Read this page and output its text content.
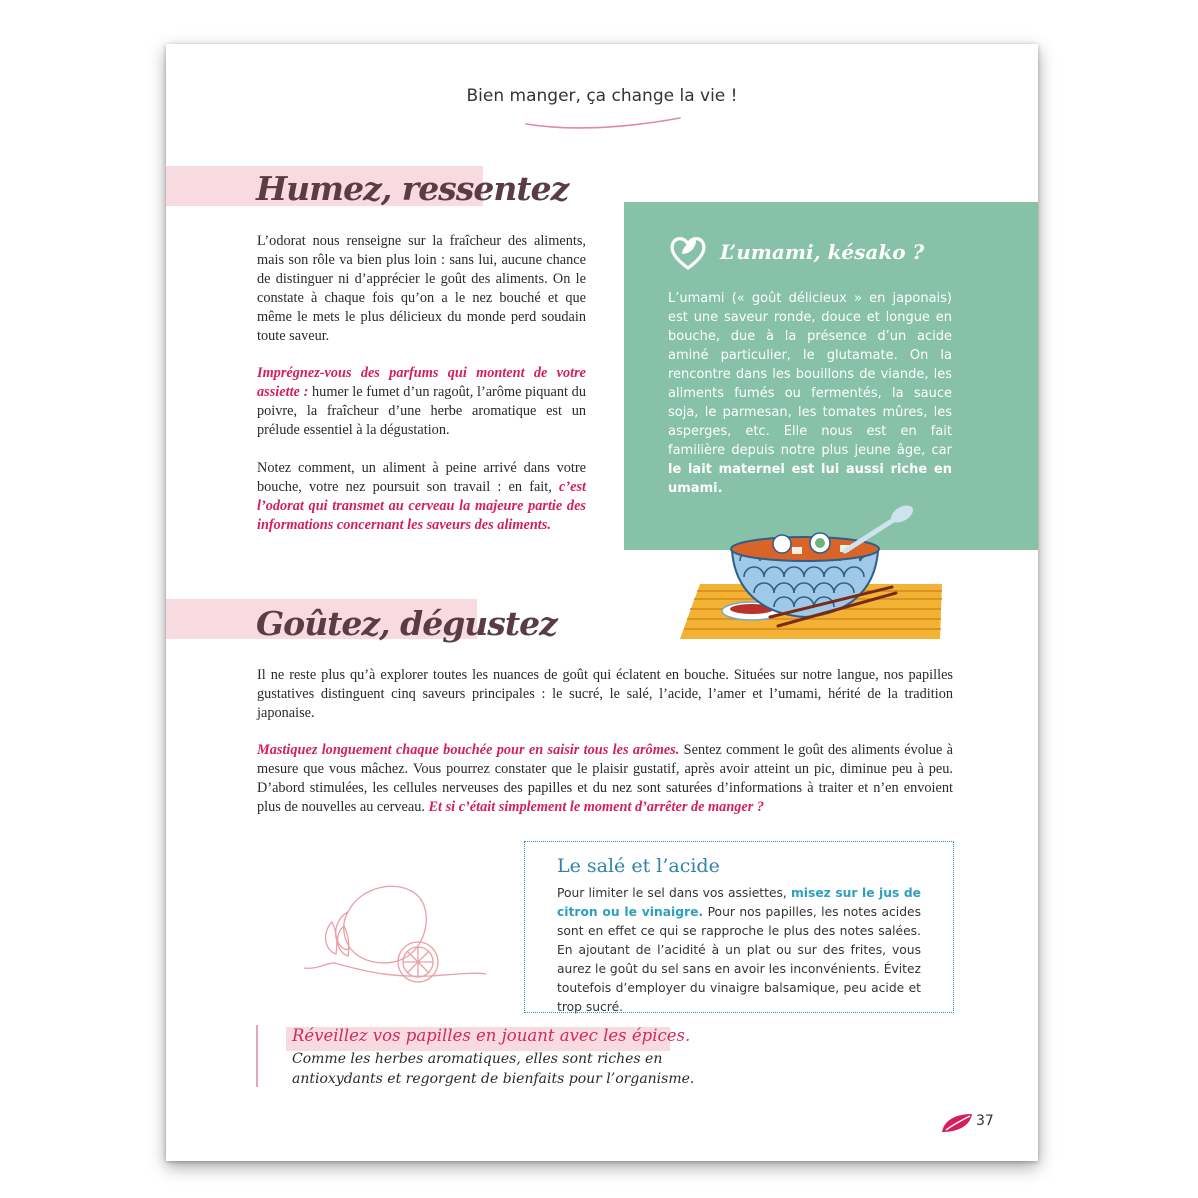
Bien manger, ça change la vie !
Humez, ressentez

L’odorat nous renseigne sur la fraîcheur des aliments, mais son rôle va bien plus loin : sans lui, aucune chance de distinguer ni d’apprécier le goût des aliments. On le constate à chaque fois qu’on a le nez bouché et que même le mets le plus délicieux du monde perd soudain toute saveur.

Imprégnez-vous des parfums qui montent de votre assiette : humer le fumet d’un ragoût, l’arôme piquant du poivre, la fraîcheur d’une herbe aromatique est un prélude essentiel à la dégustation.

Notez comment, un aliment à peine arrivé dans votre bouche, votre nez poursuit son travail : en fait, c’est l’odorat qui transmet au cerveau la majeure partie des informations concernant les saveurs des aliments.

L’umami, késako ?

L’umami (« goût délicieux » en japonais) est une saveur ronde, douce et longue en bouche, due à la présence d’un acide aminé particulier, le glutamate. On la rencontre dans les bouillons de viande, les aliments fumés ou fermentés, la sauce soja, le parmesan, les tomates mûres, les asperges, etc. Elle nous est en fait familière depuis notre plus jeune âge, car le lait maternel est lui aussi riche en umami.

Goûtez, dégustez

Il ne reste plus qu’à explorer toutes les nuances de goût qui éclatent en bouche. Situées sur notre langue, nos papilles gustatives distinguent cinq saveurs principales : le sucré, le salé, l’acide, l’amer et l’umami, hérité de la tradition japonaise.

Mastiquez longuement chaque bouchée pour en saisir tous les arômes. Sentez comment le goût des aliments évolue à mesure que vous mâchez. Vous pourrez constater que le plaisir gustatif, après avoir atteint un pic, diminue peu à peu. D’abord stimulées, les cellules nerveuses des papilles et du nez sont saturées d’informations à traiter et n’en envoient plus de nouvelles au cerveau. Et si c’était simplement le moment d’arrêter de manger ?

Le salé et l’acide

Pour limiter le sel dans vos assiettes, misez sur le jus de citron ou le vinaigre. Pour nos papilles, les notes acides sont en effet ce qui se rapproche le plus des notes salées. En ajoutant de l’acidité à un plat ou sur des frites, vous aurez le goût du sel sans en avoir les inconvénients. Évitez toutefois d’employer du vinaigre balsamique, peu acide et trop sucré.

Réveillez vos papilles en jouant avec les épices.

Comme les herbes aromatiques, elles sont riches en antioxydants et regorgent de bienfaits pour l’organisme.

37
